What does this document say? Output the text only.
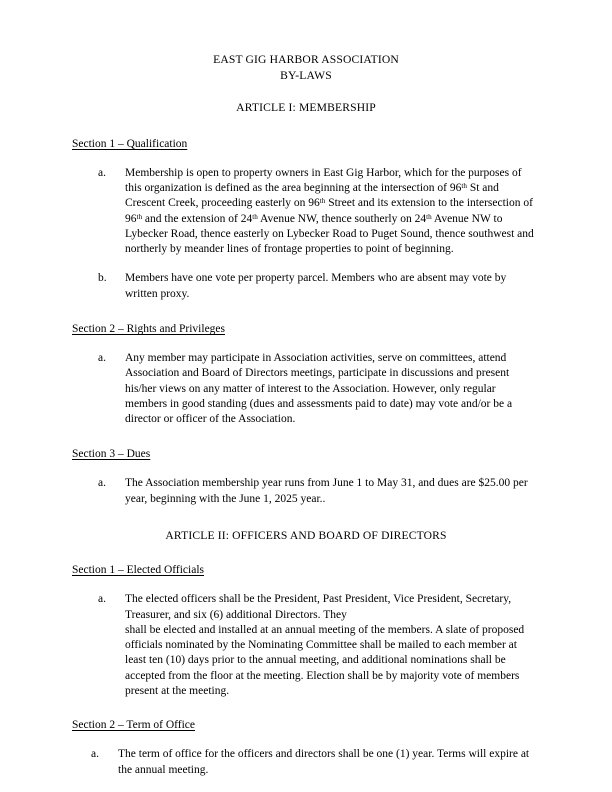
EAST GIG HARBOR ASSOCIATION
BY-LAWS
ARTICLE I: MEMBERSHIP
Section 1 – Qualification
a.	Membership is open to property owners in East Gig Harbor, which for the purposes of this organization is defined as the area beginning at the intersection of 96th St and Crescent Creek, proceeding easterly on 96th Street and its extension to the intersection of 96th and the extension of 24th Avenue NW, thence southerly on 24th Avenue NW to Lybecker Road, thence easterly on Lybecker Road to Puget Sound, thence southwest and northerly by meander lines of frontage properties to point of beginning.
b.	Members have one vote per property parcel. Members who are absent may vote by written proxy.
Section 2 – Rights and Privileges
a.	Any member may participate in Association activities, serve on committees, attend Association and Board of Directors meetings, participate in discussions and present his/her views on any matter of interest to the Association. However, only regular members in good standing (dues and assessments paid to date) may vote and/or be a director or officer of the Association.
Section 3 – Dues
a.	The Association membership year runs from June 1 to May 31, and dues are $25.00 per year, beginning with the June 1, 2025 year..
ARTICLE II: OFFICERS AND BOARD OF DIRECTORS
Section 1 – Elected Officials
a.	The elected officers shall be the President, Past President, Vice President, Secretary, Treasurer, and six (6) additional Directors. They
shall be elected and installed at an annual meeting of the members. A slate of proposed officials nominated by the Nominating Committee shall be mailed to each member at least ten (10) days prior to the annual meeting, and additional nominations shall be accepted from the floor at the meeting. Election shall be by majority vote of members present at the meeting.
Section 2 – Term of Office
a.	The term of office for the officers and directors shall be one (1) year. Terms will expire at the annual meeting.
